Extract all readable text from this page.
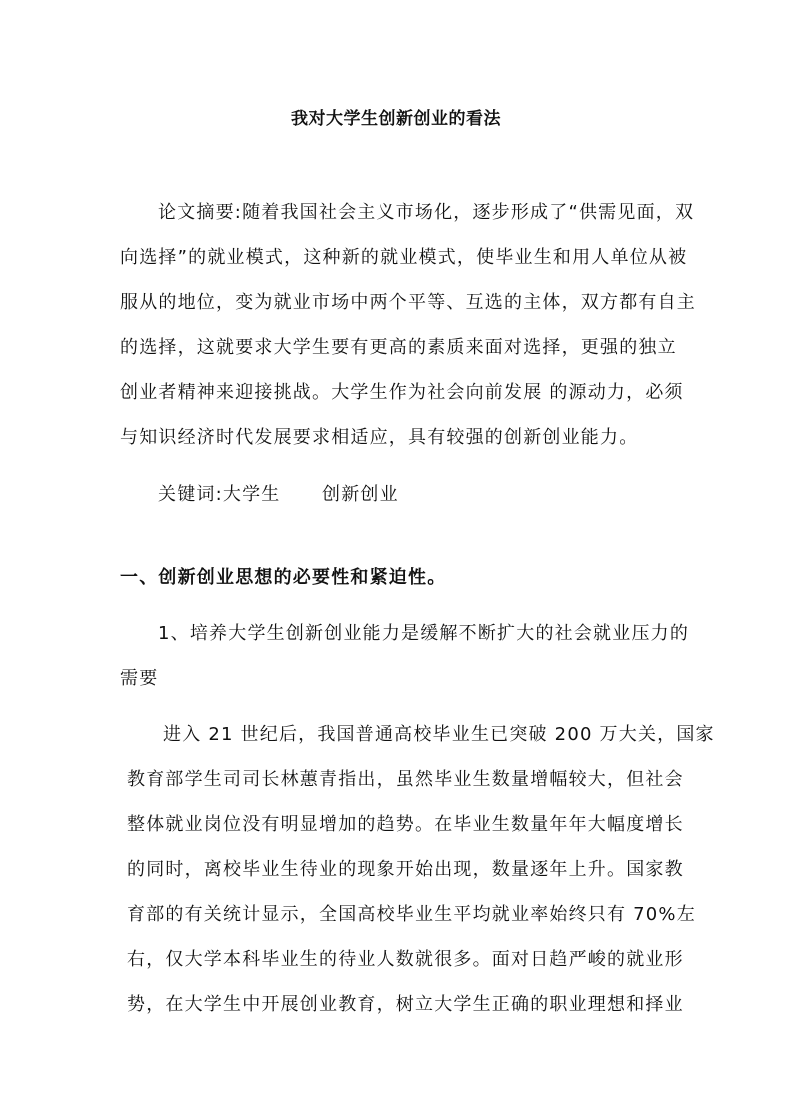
我对大学生创新创业的看法
论文摘要:随着我国社会主义市场化，逐步形成了“供需见面，双
向选择”的就业模式，这种新的就业模式，使毕业生和用人单位从被
服从的地位，变为就业市场中两个平等、互选的主体，双方都有自主
的选择，这就要求大学生要有更高的素质来面对选择，更强的独立
创业者精神来迎接挑战。大学生作为社会向前发展 的源动力，必须
与知识经济时代发展要求相适应，具有较强的创新创业能力。
关键词:大学生      创新创业
一、创新创业思想的必要性和紧迫性。
1、培养大学生创新创业能力是缓解不断扩大的社会就业压力的
需要
进入 21 世纪后，我国普通高校毕业生已突破 200 万大关，国家
教育部学生司司长林蕙青指出，虽然毕业生数量增幅较大，但社会
整体就业岗位没有明显增加的趋势。在毕业生数量年年大幅度增长
的同时，离校毕业生待业的现象开始出现，数量逐年上升。国家教
育部的有关统计显示，全国高校毕业生平均就业率始终只有 70%左
右，仅大学本科毕业生的待业人数就很多。面对日趋严峻的就业形
势，在大学生中开展创业教育，树立大学生正确的职业理想和择业
